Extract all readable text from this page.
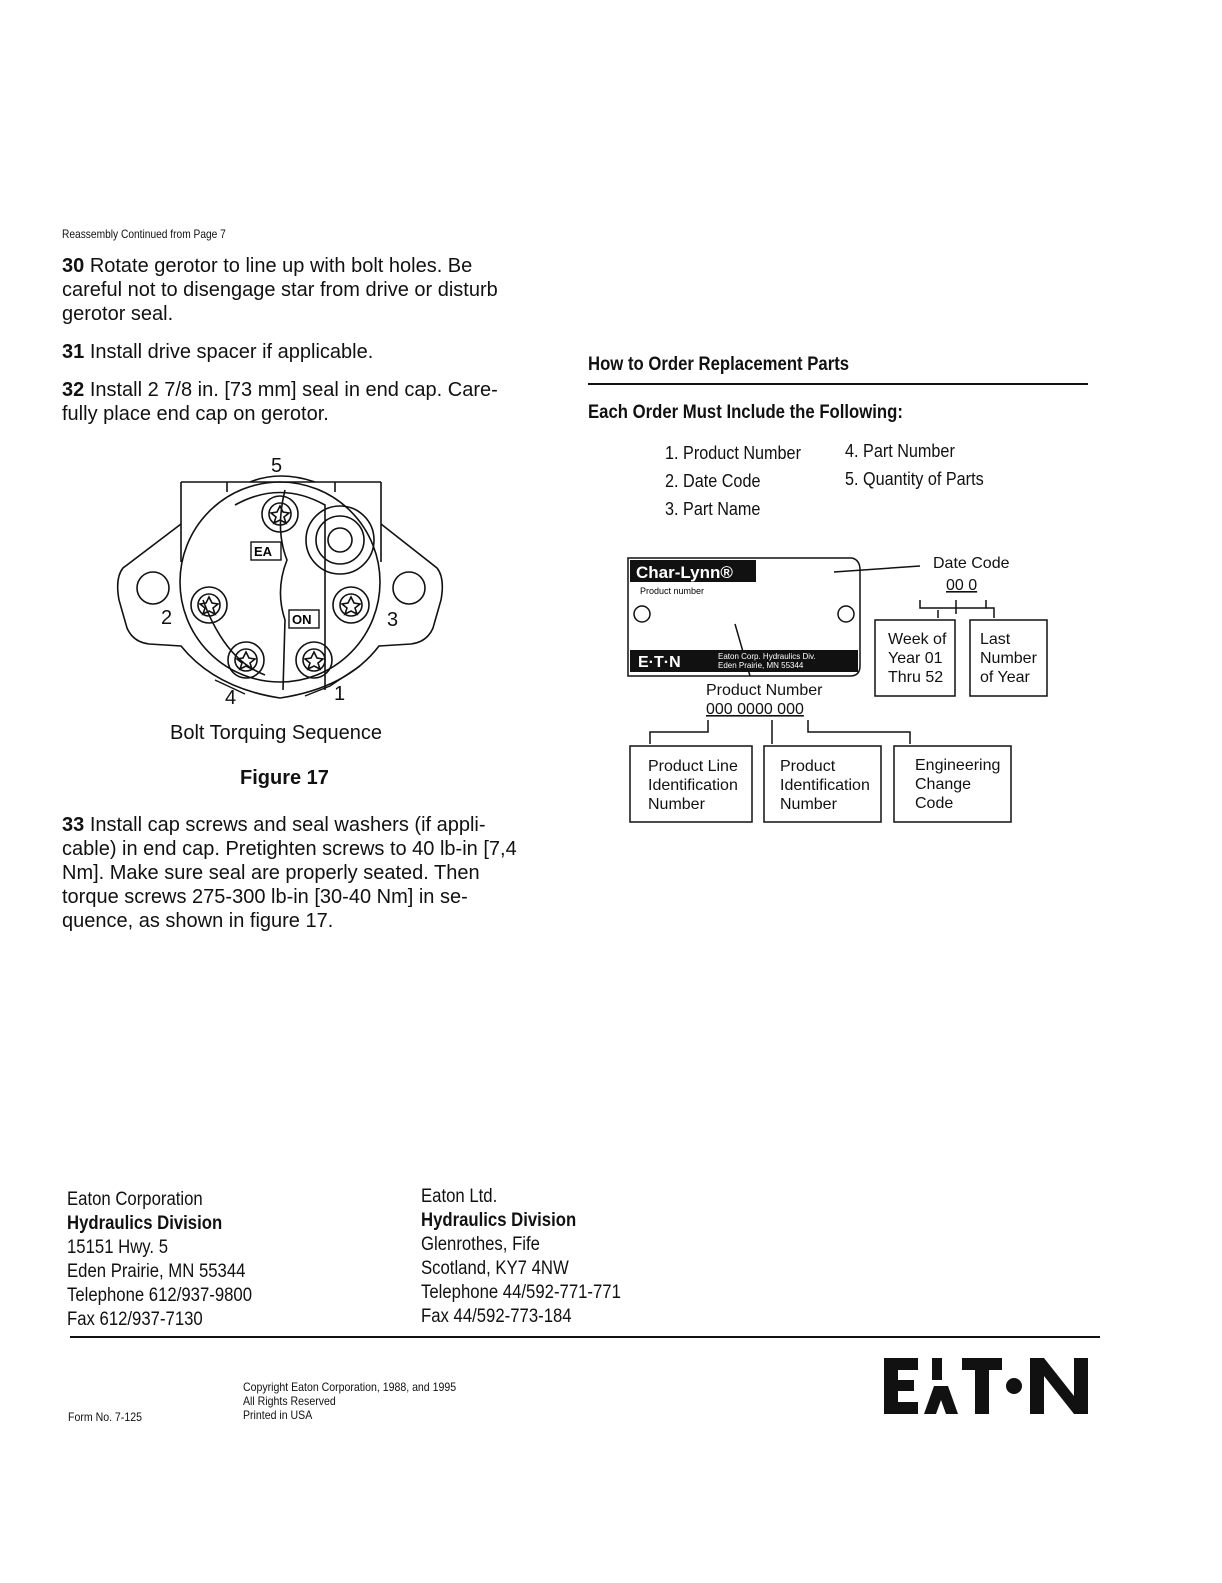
Reassembly Continued from Page 7
30 Rotate gerotor to line up with bolt holes. Be
careful not to disengage star from drive or disturb
gerotor seal.
31 Install drive spacer if applicable.
32 Install 2 7/8 in. [73 mm] seal in end cap. Care-
fully place end cap on gerotor.
EA
ON
1
2	3
4
5
Bolt Torquing Sequence
Figure 17
33 Install cap screws and seal washers (if appli-
cable) in end cap. Pretighten screws to 40 lb-in [7,4
Nm]. Make sure seal are properly seated. Then
torque screws 275-300 lb-in [30-40 Nm] in se-
quence, as shown in figure 17.
How to Order Replacement Parts
Each Order Must Include the Following:
1. Product Number
2. Date Code
3. Part Name
4. Part Number
5. Quantity of Parts
Char-Lynn®
Product number
E·T·N	Eaton Corp. Hydraulics Div.
Eden Prairie, MN 55344
Date Code
00 0
Week of
Year 01
Thru 52
Last
Number
of Year
Product Number
000 0000 000
Product Line
Identification
Number
Product
Identification
Number
Engineering
Change
Code
Eaton Corporation
Hydraulics Division
15151 Hwy. 5
Eden Prairie, MN 55344
Telephone 612/937-9800
Fax 612/937-7130
Eaton Ltd.
Hydraulics Division
Glenrothes, Fife
Scotland, KY7 4NW
Telephone 44/592-771-771
Fax 44/592-773-184
Form No. 7-125
Copyright Eaton Corporation, 1988, and 1995
All Rights Reserved
Printed in USA
